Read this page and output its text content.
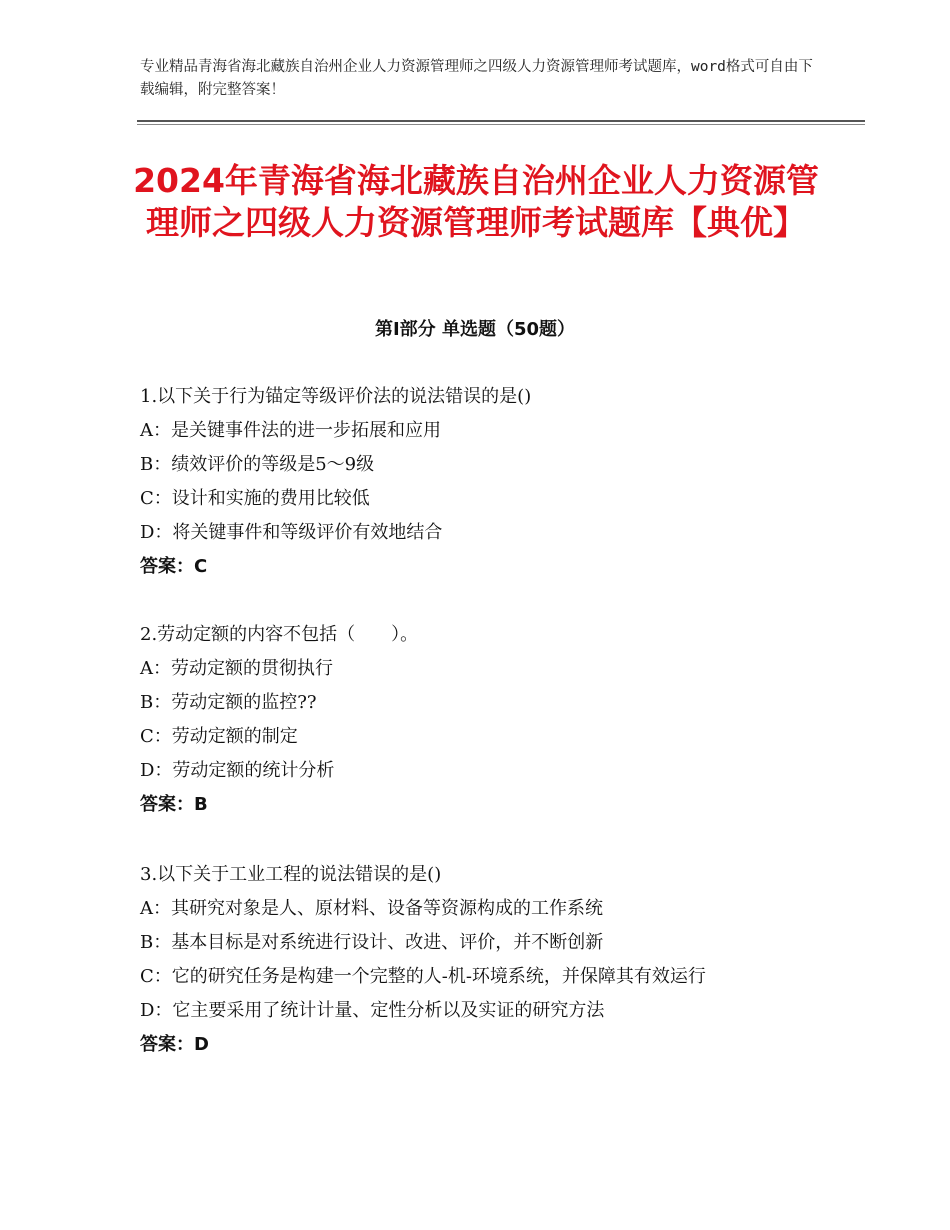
专业精品青海省海北藏族自治州企业人力资源管理师之四级人力资源管理师考试题库，word格式可自由下载编辑，附完整答案！
2024年青海省海北藏族自治州企业人力资源管理师之四级人力资源管理师考试题库【典优】
第Ⅰ部分 单选题（50题）
1.以下关于行为锚定等级评价法的说法错误的是()
A：是关键事件法的进一步拓展和应用
B：绩效评价的等级是5～9级
C：设计和实施的费用比较低
D：将关键事件和等级评价有效地结合
答案：C
2.劳动定额的内容不包括（　　）。
A：劳动定额的贯彻执行
B：劳动定额的监控??
C：劳动定额的制定
D：劳动定额的统计分析
答案：B
3.以下关于工业工程的说法错误的是()
A：其研究对象是人、原材料、设备等资源构成的工作系统
B：基本目标是对系统进行设计、改进、评价，并不断创新
C：它的研究任务是构建一个完整的人-机-环境系统，并保障其有效运行
D：它主要采用了统计计量、定性分析以及实证的研究方法
答案：D
